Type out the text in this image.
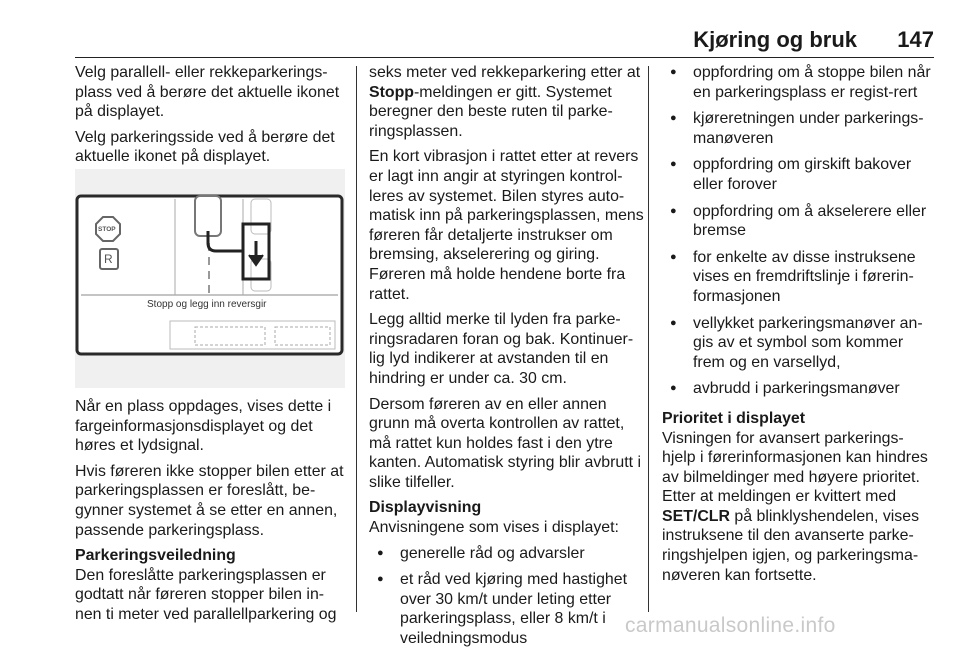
Kjøring og bruk 147

Velg parallell- eller rekkeparkerings-plass ved å berøre det aktuelle ikonet på displayet.

Velg parkeringsside ved å berøre det aktuelle ikonet på displayet.

STOP
R
Stopp og legg inn reversgir

Når en plass oppdages, vises dette i fargeinformasjonsdisplayet og det høres et lydsignal.

Hvis føreren ikke stopper bilen etter at parkeringsplassen er foreslått, be-gynner systemet å se etter en annen, passende parkeringsplass.

Parkeringsveiledning

Den foreslåtte parkeringsplassen er godtatt når føreren stopper bilen in-nen ti meter ved parallellparkering og

seks meter ved rekkeparkering etter at Stopp-meldingen er gitt. Systemet beregner den beste ruten til parke-ringsplassen.

En kort vibrasjon i rattet etter at revers er lagt inn angir at styringen kontrol-leres av systemet. Bilen styres auto-matisk inn på parkeringsplassen, mens føreren får detaljerte instrukser om bremsing, akselerering og giring. Føreren må holde hendene borte fra rattet.

Legg alltid merke til lyden fra parke-ringsradaren foran og bak. Kontinuer-lig lyd indikerer at avstanden til en hindring er under ca. 30 cm.

Dersom føreren av en eller annen grunn må overta kontrollen av rattet, må rattet kun holdes fast i den ytre kanten. Automatisk styring blir avbrutt i slike tilfeller.

Displayvisning

Anvisningene som vises i displayet:

● generelle råd og advarsler
● et råd ved kjøring med hastighet over 30 km/t under leting etter parkeringsplass, eller 8 km/t i veiledningsmodus
● oppfordring om å stoppe bilen når en parkeringsplass er regist-rert
● kjøreretningen under parkerings-manøveren
● oppfordring om girskift bakover eller forover
● oppfordring om å akselerere eller bremse
● for enkelte av disse instruksene vises en fremdriftslinje i førerin-formasjonen
● vellykket parkeringsmanøver an-gis av et symbol som kommer frem og en varsellyd,
● avbrudd i parkeringsmanøver
Prioritet i displayet

Visningen for avansert parkerings-hjelp i førerinformasjonen kan hindres av bilmeldinger med høyere prioritet. Etter at meldingen er kvittert med SET/CLR på blinklyshendelen, vises instruksene til den avanserte parke-ringshjelpen igjen, og parkeringsma-nøveren kan fortsette.

carmanualsonline.info
